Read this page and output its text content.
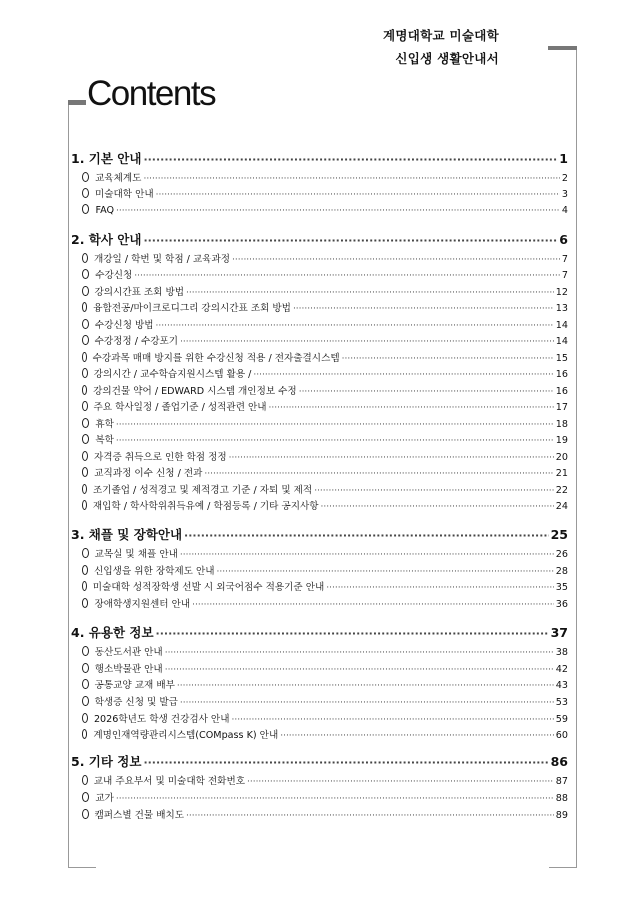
계명대학교 미술대학
신입생 생활안내서
Contents
1. 기본 안내 ·····	1
교육체계도 ·····	2
미술대학 안내 ·····	3
FAQ ·····	4
2. 학사 안내 ·····	6
개강일 / 학번 및 학점 / 교육과정 ·····	7
수강신청 ·····	7
강의시간표 조회 방법 ·····	12
융합전공/마이크로디그리 강의시간표 조회 방법 ·····	13
수강신청 방법 ·····	14
수강정정 / 수강포기 ·····	14
수강과목 매매 방지를 위한 수강신청 적용 / 전자출결시스템 ·····	15
강의시간 / 교수학습지원시스템 활용 / ·····	16
강의건물 약어 / EDWARD 시스템 개인정보 수정 ·····	16
주요 학사일정 / 졸업기준 / 성적관련 안내 ·····	17
휴학 ·····	18
복학 ·····	19
자격증 취득으로 인한 학점 정정 ·····	20
교직과정 이수 신청 / 전과 ·····	21
조기졸업 / 성적경고 및 제적경고 기준 / 자퇴 및 제적 ·····	22
재입학 / 학사학위취득유예 / 학점등록 / 기타 공지사항 ·····	24
3. 채플 및 장학안내 ·····	25
교목실 및 채플 안내 ·····	26
신입생을 위한 장학제도 안내 ·····	28
미술대학 성적장학생 선발 시 외국어점수 적용기준 안내 ·····	35
장애학생지원센터 안내 ·····	36
4. 유용한 정보 ·····	37
동산도서관 안내 ·····	38
행소박물관 안내 ·····	42
공통교양 교재 배부 ·····	43
학생증 신청 및 발급 ·····	53
2026학년도 학생 건강검사 안내 ·····	59
계명인재역량관리시스템(COMpass K) 안내 ·····	60
5. 기타 정보 ·····	86
교내 주요부서 및 미술대학 전화번호 ·····	87
교가 ·····	88
캠퍼스별 건물 배치도 ·····	89
